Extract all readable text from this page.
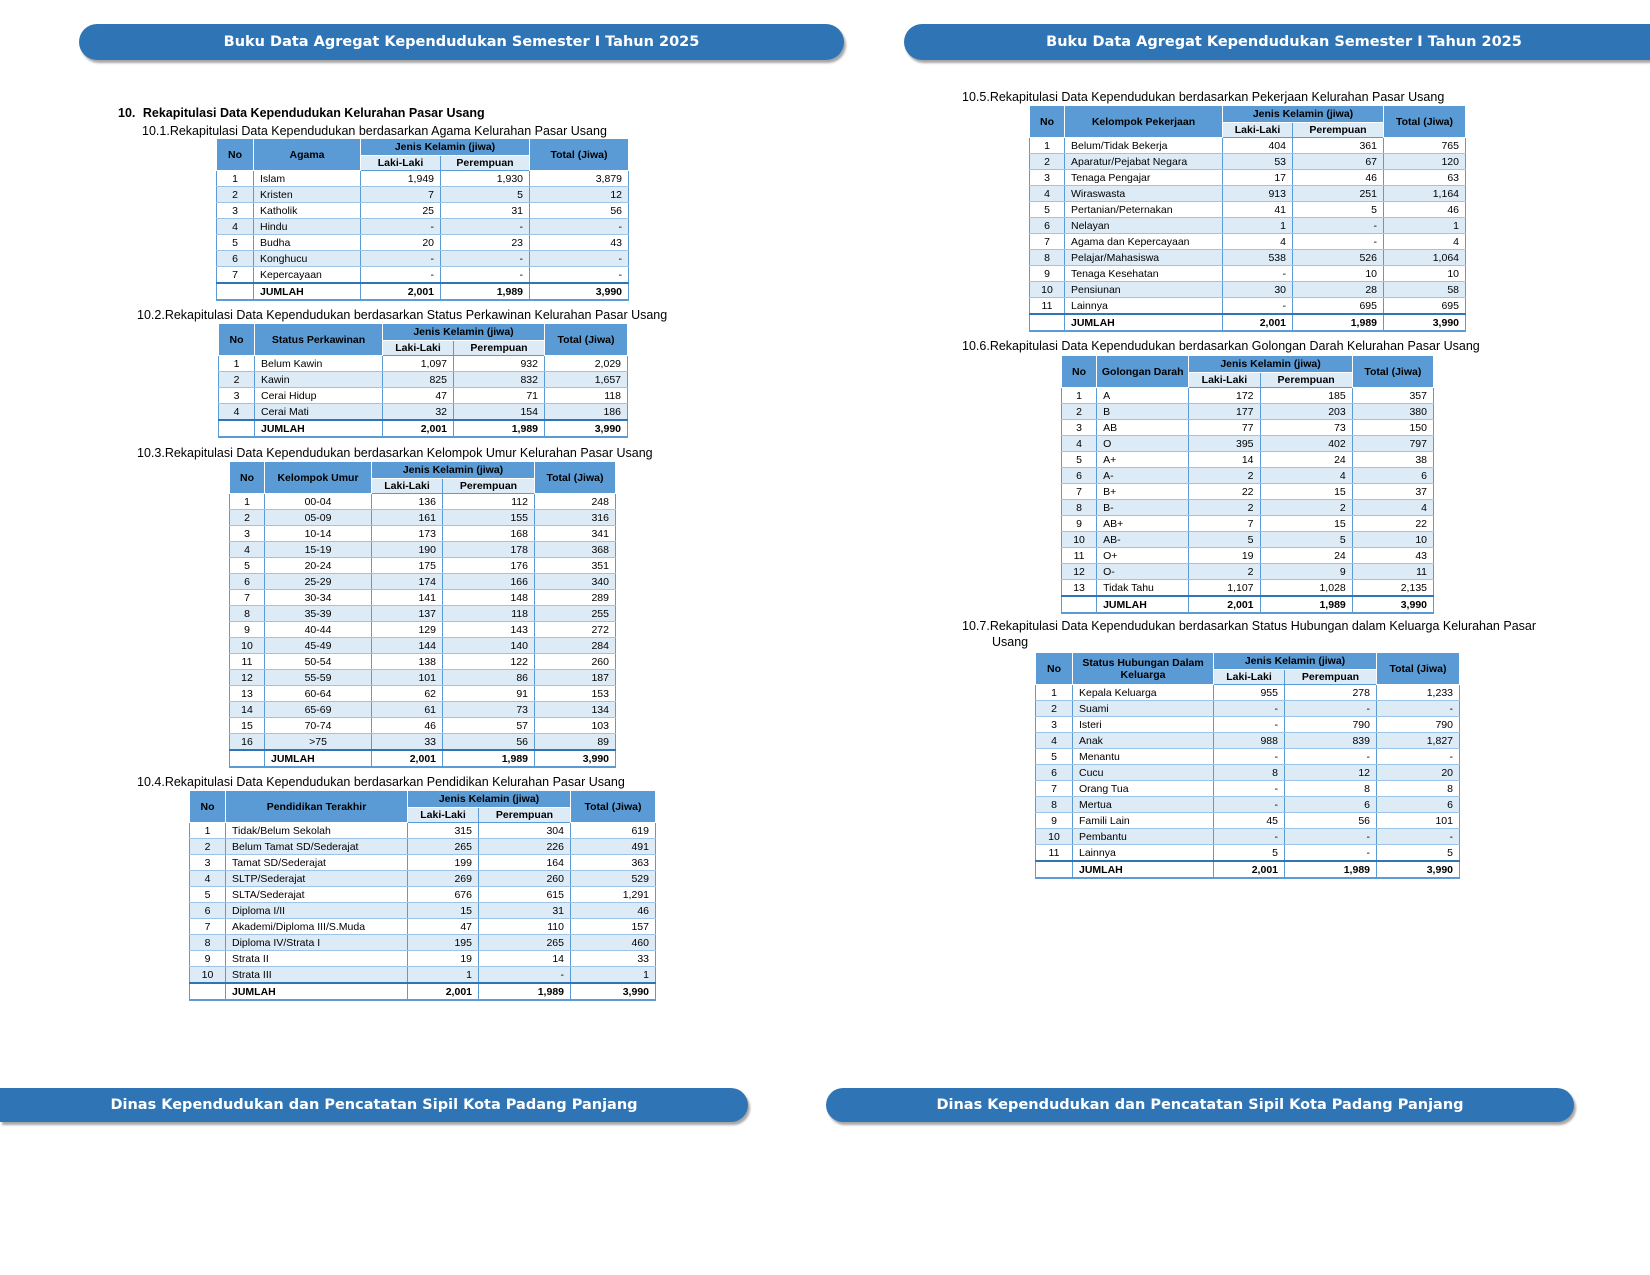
Buku Data Agregat Kependudukan Semester I Tahun 2025	Buku Data Agregat Kependudukan Semester I Tahun 2025
Dinas Kependudukan dan Pencatatan Sipil Kota Padang Panjang	Dinas Kependudukan dan Pencatatan Sipil Kota Padang Panjang
10. Rekapitulasi Data Kependudukan Kelurahan Pasar Usang
10.1.Rekapitulasi Data Kependudukan berdasarkan Agama Kelurahan Pasar Usang
No	Agama	Jenis Kelamin (jiwa)		Total (Jiwa)
		Laki-Laki	Perempuan	
1	Islam	1,949	1,930	3,879
2	Kristen	7	5	12
3	Katholik	25	31	56
4	Hindu	-	-	-
5	Budha	20	23	43
6	Konghucu	-	-	-
7	Kepercayaan	-	-	-
	JUMLAH	2,001	1,989	3,990
10.2.Rekapitulasi Data Kependudukan berdasarkan Status Perkawinan Kelurahan Pasar Usang
No	Status Perkawinan	Jenis Kelamin (jiwa)		Total (Jiwa)
		Laki-Laki	Perempuan	
1	Belum Kawin	1,097	932	2,029
2	Kawin	825	832	1,657
3	Cerai Hidup	47	71	118
4	Cerai Mati	32	154	186
	JUMLAH	2,001	1,989	3,990
10.3.Rekapitulasi Data Kependudukan berdasarkan Kelompok Umur Kelurahan Pasar Usang
No	Kelompok Umur	Jenis Kelamin (jiwa)		Total (Jiwa)
		Laki-Laki	Perempuan	
1	00-04	136	112	248
2	05-09	161	155	316
3	10-14	173	168	341
4	15-19	190	178	368
5	20-24	175	176	351
6	25-29	174	166	340
7	30-34	141	148	289
8	35-39	137	118	255
9	40-44	129	143	272
10	45-49	144	140	284
11	50-54	138	122	260
12	55-59	101	86	187
13	60-64	62	91	153
14	65-69	61	73	134
15	70-74	46	57	103
16	>75	33	56	89
	JUMLAH	2,001	1,989	3,990
10.4.Rekapitulasi Data Kependudukan berdasarkan Pendidikan Kelurahan Pasar Usang
No	Pendidikan Terakhir	Jenis Kelamin (jiwa)		Total (Jiwa)
		Laki-Laki	Perempuan	
1	Tidak/Belum Sekolah	315	304	619
2	Belum Tamat SD/Sederajat	265	226	491
3	Tamat SD/Sederajat	199	164	363
4	SLTP/Sederajat	269	260	529
5	SLTA/Sederajat	676	615	1,291
6	Diploma I/II	15	31	46
7	Akademi/Diploma III/S.Muda	47	110	157
8	Diploma IV/Strata I	195	265	460
9	Strata II	19	14	33
10	Strata III	1	-	1
	JUMLAH	2,001	1,989	3,990
10.5.Rekapitulasi Data Kependudukan berdasarkan Pekerjaan Kelurahan Pasar Usang
No	Kelompok Pekerjaan	Jenis Kelamin (jiwa)		Total (Jiwa)
		Laki-Laki	Perempuan	
1	Belum/Tidak Bekerja	404	361	765
2	Aparatur/Pejabat Negara	53	67	120
3	Tenaga Pengajar	17	46	63
4	Wiraswasta	913	251	1,164
5	Pertanian/Peternakan	41	5	46
6	Nelayan	1	-	1
7	Agama dan Kepercayaan	4	-	4
8	Pelajar/Mahasiswa	538	526	1,064
9	Tenaga Kesehatan	-	10	10
10	Pensiunan	30	28	58
11	Lainnya	-	695	695
	JUMLAH	2,001	1,989	3,990
10.6.Rekapitulasi Data Kependudukan berdasarkan Golongan Darah Kelurahan Pasar Usang
No	Golongan Darah	Jenis Kelamin (jiwa)		Total (Jiwa)
		Laki-Laki	Perempuan	
1	A	172	185	357
2	B	177	203	380
3	AB	77	73	150
4	O	395	402	797
5	A+	14	24	38
6	A-	2	4	6
7	B+	22	15	37
8	B-	2	2	4
9	AB+	7	15	22
10	AB-	5	5	10
11	O+	19	24	43
12	O-	2	9	11
13	Tidak Tahu	1,107	1,028	2,135
	JUMLAH	2,001	1,989	3,990
10.7.Rekapitulasi Data Kependudukan berdasarkan Status Hubungan dalam Keluarga Kelurahan Pasar
Usang
No	Status Hubungan Dalam Keluarga	Jenis Kelamin (jiwa)		Total (Jiwa)
		Laki-Laki	Perempuan	
1	Kepala Keluarga	955	278	1,233
2	Suami	-	-	-
3	Isteri	-	790	790
4	Anak	988	839	1,827
5	Menantu	-	-	-
6	Cucu	8	12	20
7	Orang Tua	-	8	8
8	Mertua	-	6	6
9	Famili Lain	45	56	101
10	Pembantu	-	-	-
11	Lainnya	5	-	5
	JUMLAH	2,001	1,989	3,990
